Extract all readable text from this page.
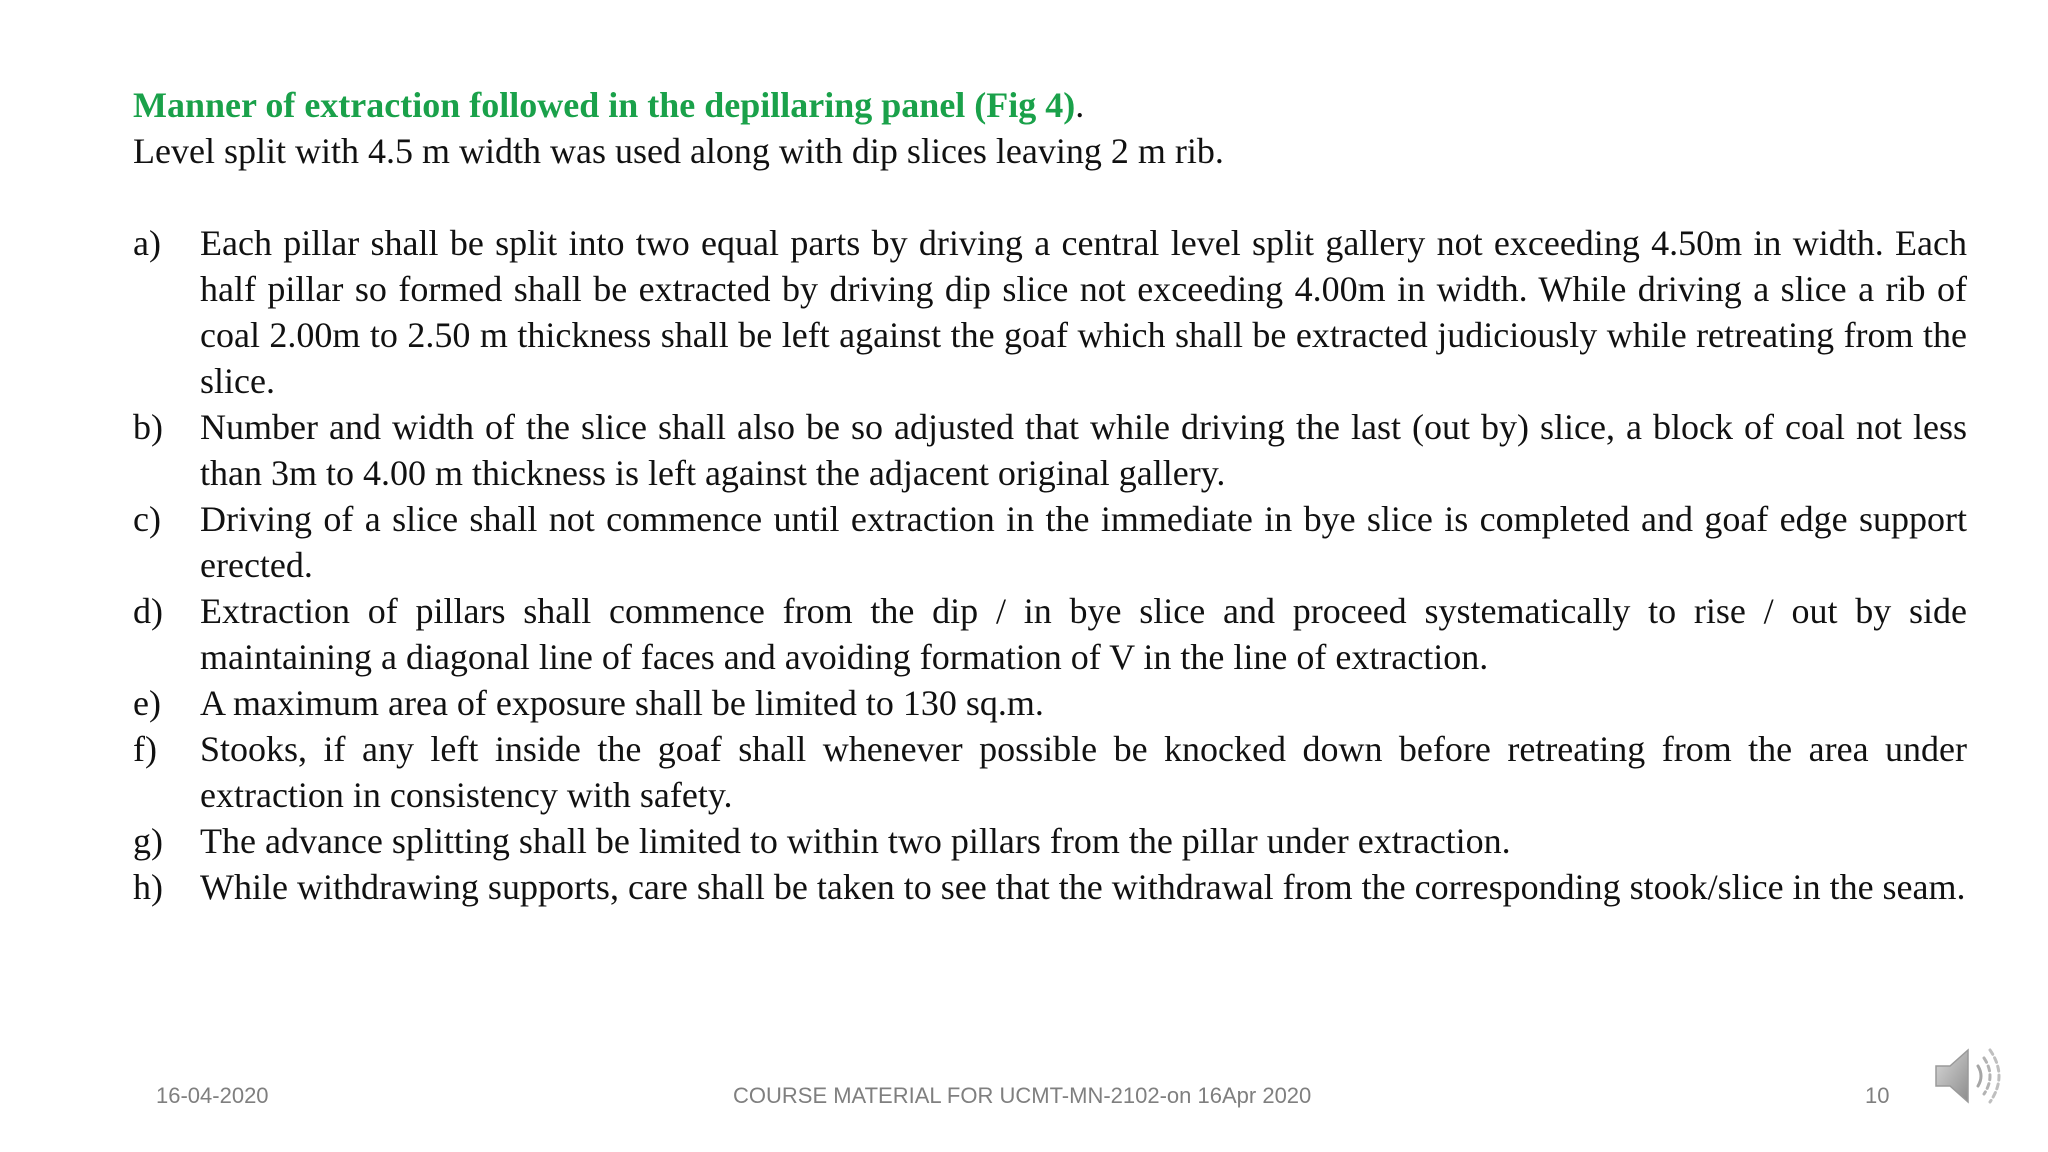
Manner of extraction followed in the depillaring panel (Fig 4).

Level split with 4.5 m width was used along with dip slices leaving 2 m rib.

a) Each pillar shall be split into two equal parts by driving a central level split gallery not exceeding 4.50m in width. Each half pillar so formed shall be extracted by driving dip slice not exceeding 4.00m in width. While driving a slice a rib of coal 2.00m to 2.50 m thickness shall be left against the goaf which shall be extracted judiciously while retreating from the slice.
b) Number and width of the slice shall also be so adjusted that while driving the last (out by) slice, a block of coal not less than 3m to 4.00 m thickness is left against the adjacent original gallery.
c) Driving of a slice shall not commence until extraction in the immediate in bye slice is completed and goaf edge support erected.
d) Extraction of pillars shall commence from the dip / in bye slice and proceed systematically to rise / out by side maintaining a diagonal line of faces and avoiding formation of V in the line of extraction.
e) A maximum area of exposure shall be limited to 130 sq.m.
f) Stooks, if any left inside the goaf shall whenever possible be knocked down before retreating from the area under extraction in consistency with safety.
g) The advance splitting shall be limited to within two pillars from the pillar under extraction.
h) While withdrawing supports, care shall be taken to see that the withdrawal from the corresponding stook/slice in the seam.
16-04-2020	COURSE MATERIAL FOR UCMT-MN-2102-on 16Apr 2020	10
